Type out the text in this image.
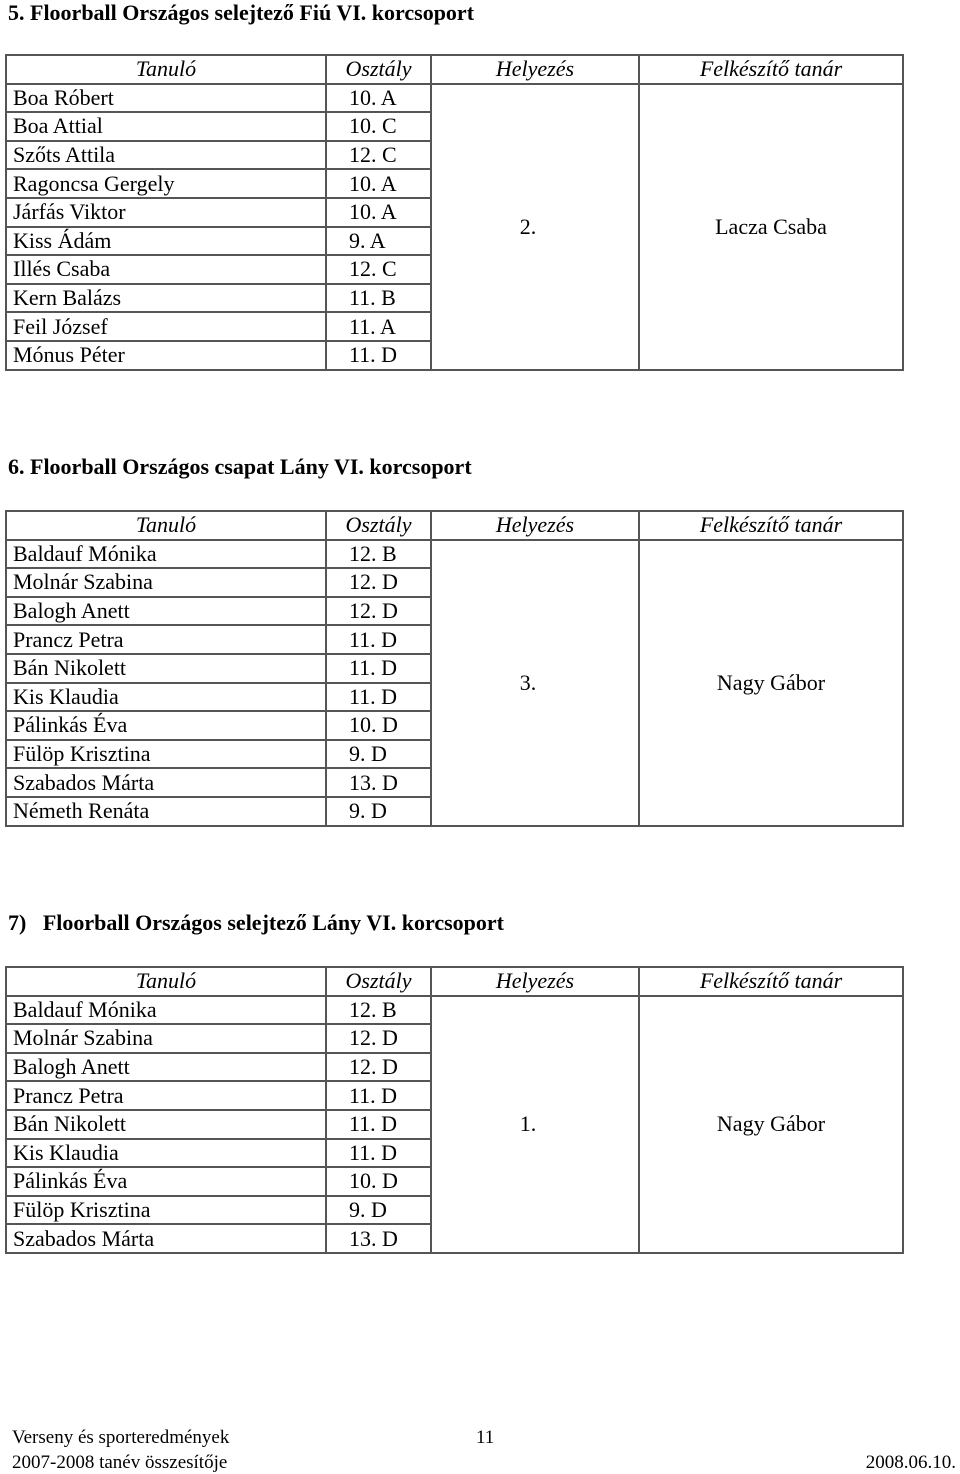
5. Floorball Országos selejtező Fiú VI. korcsoport
Tanuló	Osztály	Helyezés	Felkészítő tanár
Boa Róbert	10. A	2.	Lacza Csaba
Boa Attial	10. C		
Szőts Attila	12. C		
Ragoncsa Gergely	10. A		
Járfás Viktor	10. A		
Kiss Ádám	9. A		
Illés Csaba	12. C		
Kern Balázs	11. B		
Feil József	11. A		
Mónus Péter	11. D		
6. Floorball Országos csapat Lány VI. korcsoport
Tanuló	Osztály	Helyezés	Felkészítő tanár
Baldauf Mónika	12. B	3.	Nagy Gábor
Molnár Szabina	12. D		
Balogh Anett	12. D		
Prancz Petra	11. D		
Bán Nikolett	11. D		
Kis Klaudia	11. D		
Pálinkás Éva	10. D		
Fülöp Krisztina	9. D		
Szabados Márta	13. D		
Németh Renáta	9. D		
7) Floorball Országos selejtező Lány VI. korcsoport
Tanuló	Osztály	Helyezés	Felkészítő tanár
Baldauf Mónika	12. B	1.	Nagy Gábor
Molnár Szabina	12. D		
Balogh Anett	12. D		
Prancz Petra	11. D		
Bán Nikolett	11. D		
Kis Klaudia	11. D		
Pálinkás Éva	10. D		
Fülöp Krisztina	9. D		
Szabados Márta	13. D		
Verseny és sporteredmények	11
2007-2008 tanév összesítője	2008.06.10.
